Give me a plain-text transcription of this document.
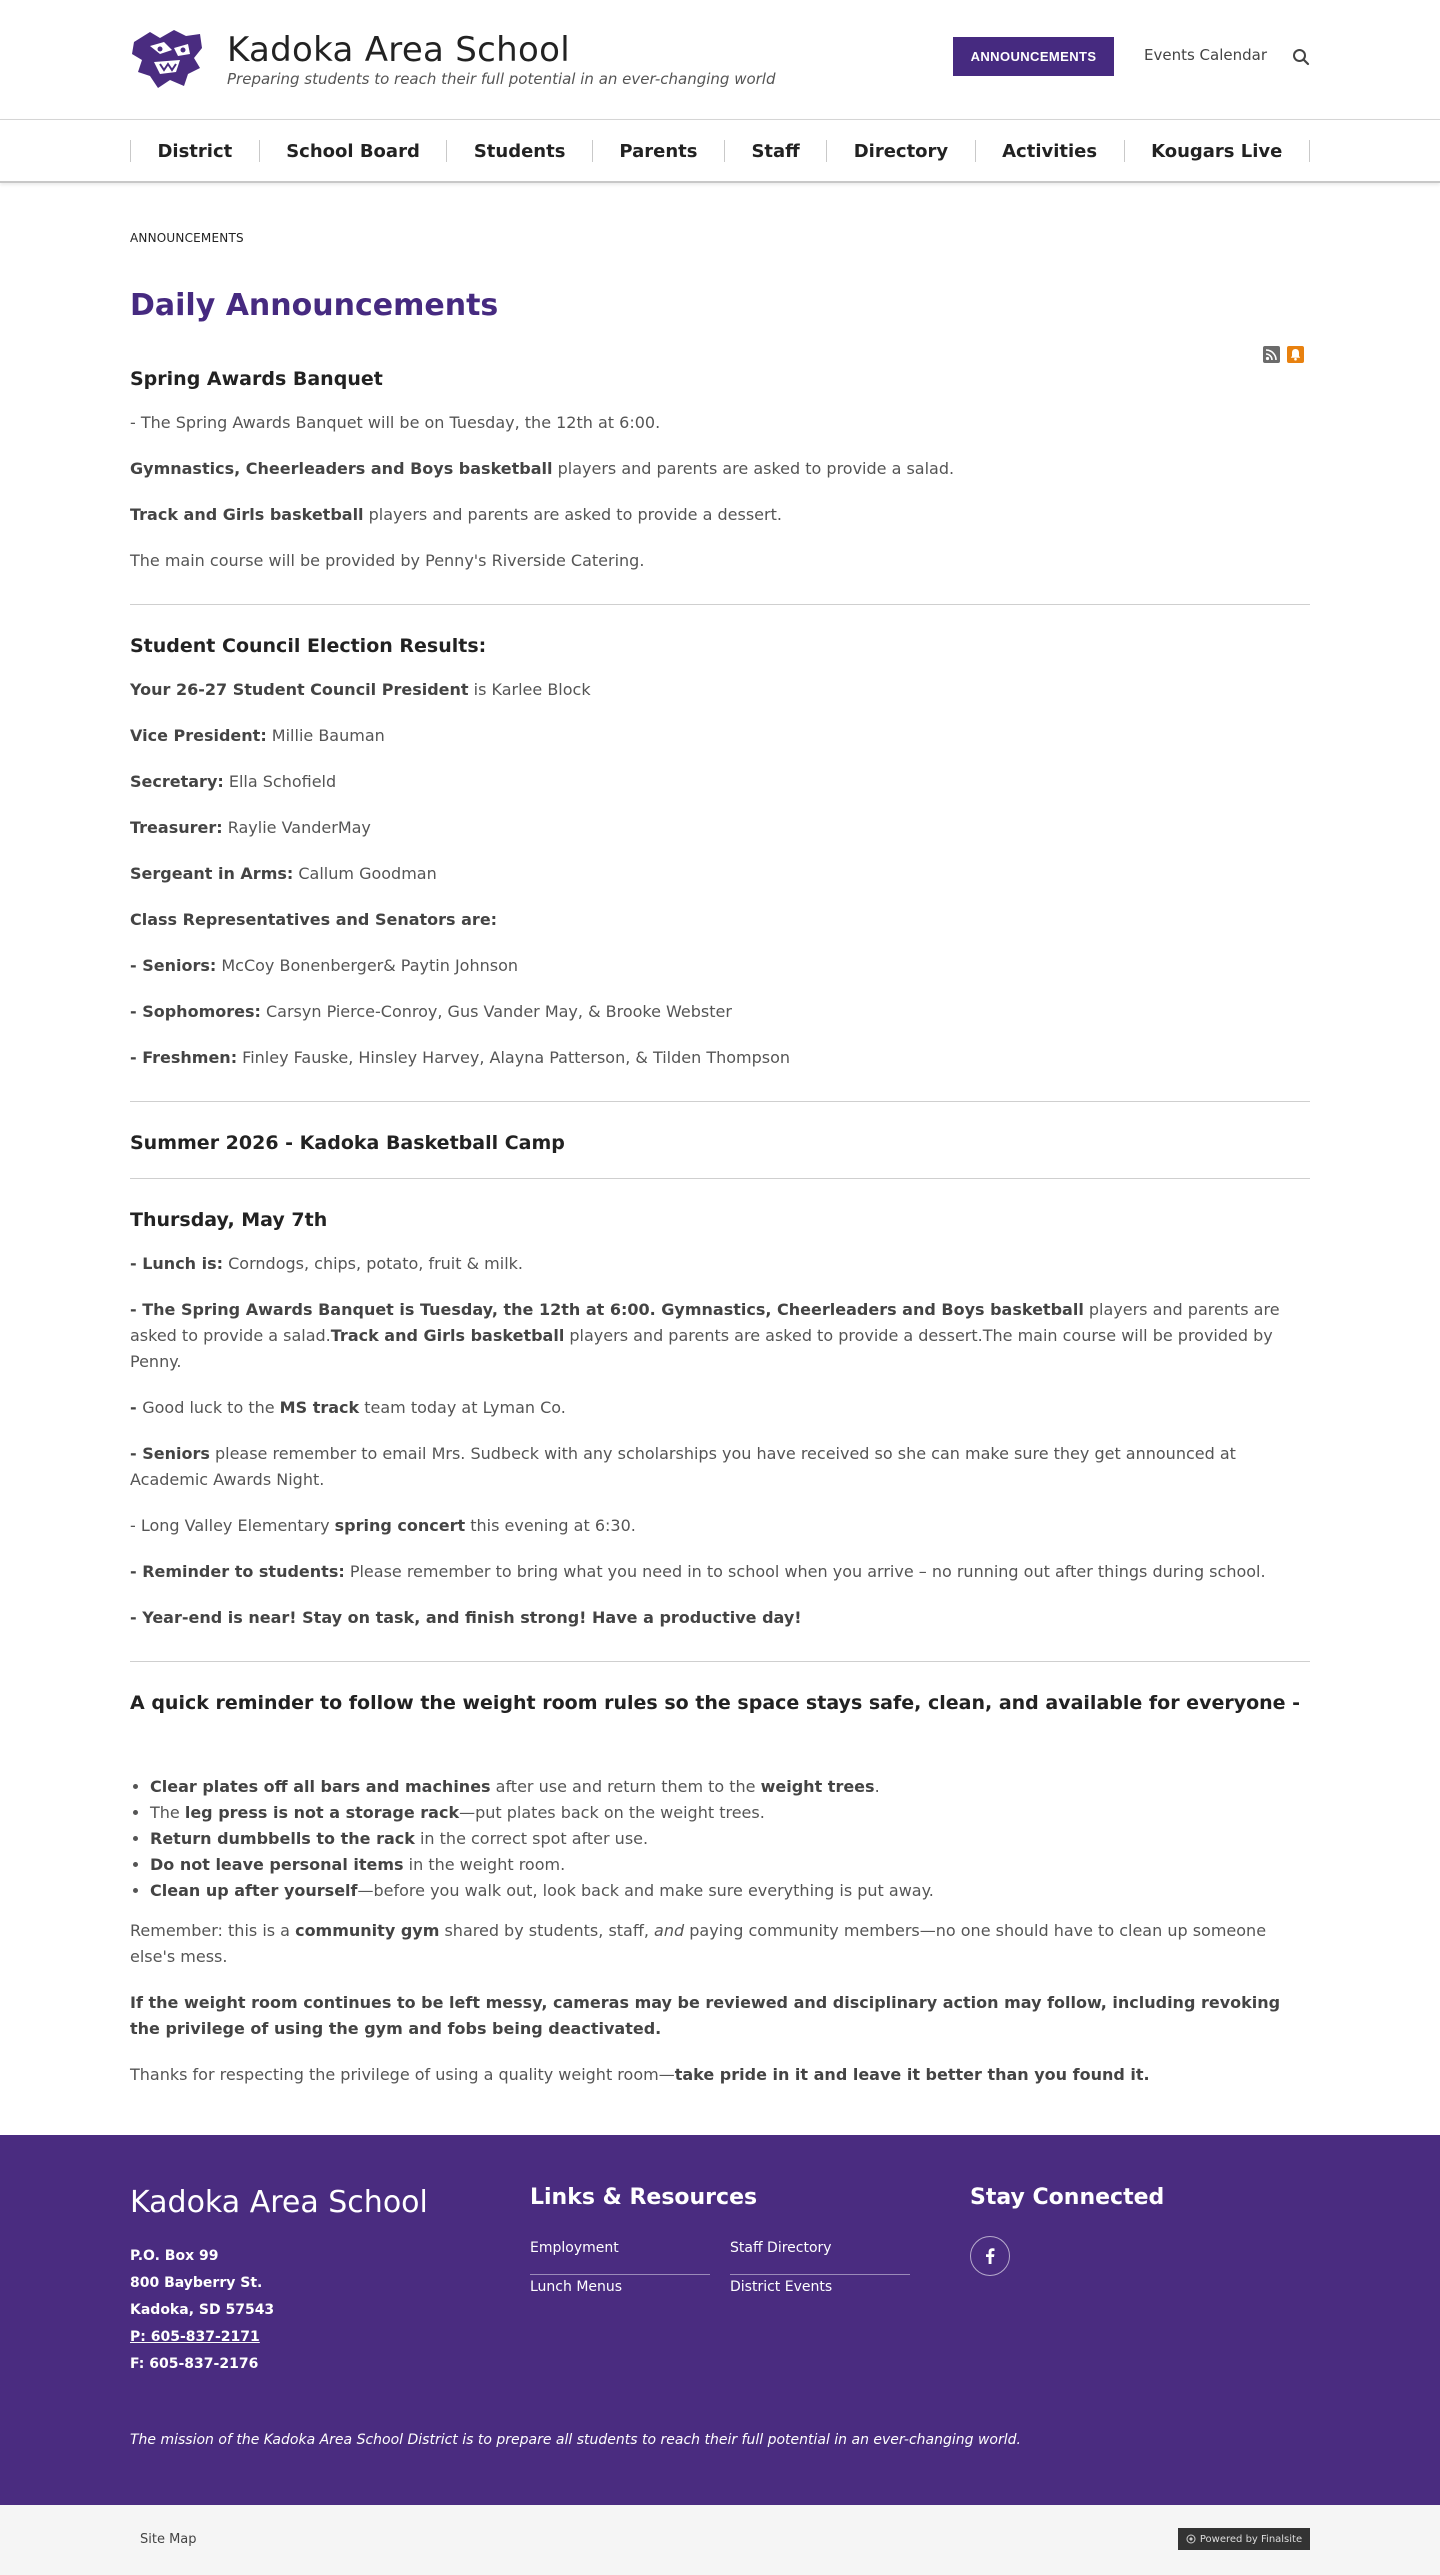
Kadoka Area School
Preparing students to reach their full potential in an ever-changing world
ANNOUNCEMENTS	Events Calendar
District	School Board	Students	Parents	Staff	Directory	Activities	Kougars Live
ANNOUNCEMENTS
Daily Announcements
Spring Awards Banquet

- The Spring Awards Banquet will be on Tuesday, the 12th at 6:00.

Gymnastics, Cheerleaders and Boys basketball players and parents are asked to provide a salad.

Track and Girls basketball players and parents are asked to provide a dessert.

The main course will be provided by Penny's Riverside Catering.

Student Council Election Results:

Your 26-27 Student Council President is Karlee Block

Vice President: Millie Bauman

Secretary: Ella Schofield

Treasurer: Raylie VanderMay

Sergeant in Arms: Callum Goodman

Class Representatives and Senators are:

- Seniors: McCoy Bonenberger& Paytin Johnson

- Sophomores: Carsyn Pierce-Conroy, Gus Vander May, & Brooke Webster

- Freshmen: Finley Fauske, Hinsley Harvey, Alayna Patterson, & Tilden Thompson

Summer 2026 - Kadoka Basketball Camp
Thursday, May 7th

- Lunch is: Corndogs, chips, potato, fruit & milk.

- The Spring Awards Banquet is Tuesday, the 12th at 6:00. Gymnastics, Cheerleaders and Boys basketball players and parents are asked to provide a salad.Track and Girls basketball players and parents are asked to provide a dessert.The main course will be provided by Penny.

- Good luck to the MS track team today at Lyman Co.

- Seniors please remember to email Mrs. Sudbeck with any scholarships you have received so she can make sure they get announced at Academic Awards Night.

- Long Valley Elementary spring concert this evening at 6:30.

- Reminder to students: Please remember to bring what you need in to school when you arrive – no running out after things during school.

- Year-end is near! Stay on task, and finish strong! Have a productive day!

A quick reminder to follow the weight room rules so the space stays safe, clean, and available for everyone -
• Clear plates off all bars and machines after use and return them to the weight trees.
• The leg press is not a storage rack—put plates back on the weight trees.
• Return dumbbells to the rack in the correct spot after use.
• Do not leave personal items in the weight room.
• Clean up after yourself—before you walk out, look back and make sure everything is put away.

Remember: this is a community gym shared by students, staff, and paying community members—no one should have to clean up someone else's mess.

If the weight room continues to be left messy, cameras may be reviewed and disciplinary action may follow, including revoking the privilege of using the gym and fobs being deactivated.

Thanks for respecting the privilege of using a quality weight room—take pride in it and leave it better than you found it.

Kadoka Area School
P.O. Box 99
800 Bayberry St.
Kadoka, SD 57543
P: 605-837-2171
F: 605-837-2176
Links & Resources
Employment	Staff Directory
Lunch Menus	District Events
Stay Connected
The mission of the Kadoka Area School District is to prepare all students to reach their full potential in an ever-changing world.
Site Map	Powered by Finalsite
